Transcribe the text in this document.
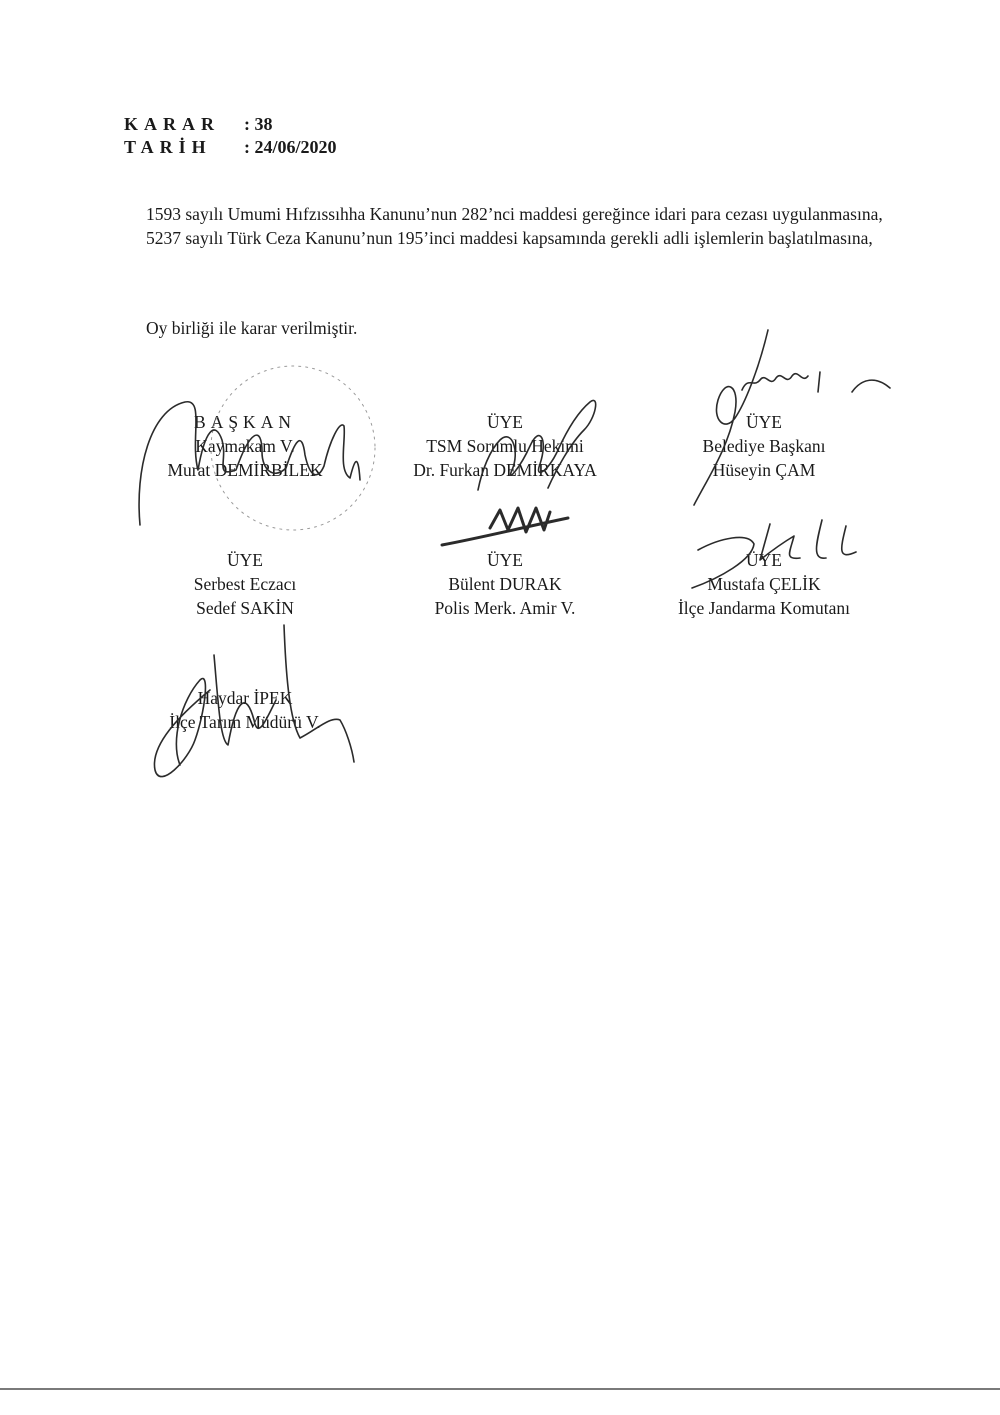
KARAR	: 38
TARİH	: 24/06/2020

1593 sayılı Umumi Hıfzıssıhha Kanunu’nun 282’nci maddesi gereğince idari para cezası uygulanmasına,

5237 sayılı Türk Ceza Kanunu’nun 195’inci maddesi kapsamında gerekli adli işlemlerin başlatılmasına,

Oy birliği ile karar verilmiştir.

BAŞKAN
Kaymakam V.
Murat DEMİRBİLEK
ÜYE
TSM Sorumlu Hekimi
Dr. Furkan DEMİRKAYA
ÜYE
Belediye Başkanı
Hüseyin ÇAM
ÜYE
Serbest Eczacı
Sedef SAKİN
ÜYE
Bülent DURAK
Polis Merk. Amir V.
ÜYE
Mustafa ÇELİK
İlçe Jandarma Komutanı
Haydar İPEK
İlçe Tarım Müdürü V.
